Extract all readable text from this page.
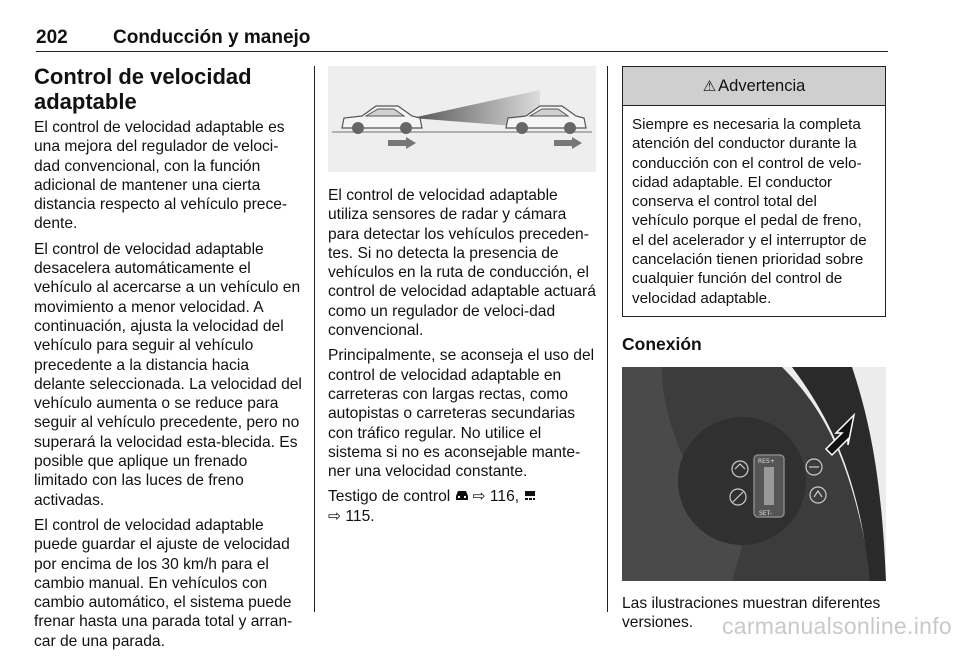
202 Conducción y manejo
Control de velocidad adaptable

El control de velocidad adaptable es una mejora del regulador de veloci-dad convencional, con la función adicional de mantener una cierta distancia respecto al vehículo prece-dente.

El control de velocidad adaptable desacelera automáticamente el vehículo al acercarse a un vehículo en movimiento a menor velocidad. A continuación, ajusta la velocidad del vehículo para seguir al vehículo precedente a la distancia hacia delante seleccionada. La velocidad del vehículo aumenta o se reduce para seguir al vehículo precedente, pero no superará la velocidad esta-blecida. Es posible que aplique un frenado limitado con las luces de freno activadas.

El control de velocidad adaptable puede guardar el ajuste de velocidad por encima de los 30 km/h para el cambio manual. En vehículos con cambio automático, el sistema puede frenar hasta una parada total y arran-car de una parada.

El control de velocidad adaptable utiliza sensores de radar y cámara para detectar los vehículos preceden-tes. Si no detecta la presencia de vehículos en la ruta de conducción, el control de velocidad adaptable actuará como un regulador de veloci-dad convencional.

Principalmente, se aconseja el uso del control de velocidad adaptable en carreteras con largas rectas, como autopistas o carreteras secundarias con tráfico regular. No utilice el sistema si no es aconsejable mante-ner una velocidad constante.

Testigo de control ⇨ 116,
⇨ 115.

⚠ Advertencia
Siempre es necesaria la completa atención del conductor durante la conducción con el control de velo-cidad adaptable. El conductor conserva el control total del vehículo porque el pedal de freno, el del acelerador y el interruptor de cancelación tienen prioridad sobre cualquier función del control de velocidad adaptable.
Conexión
RES+
SET-

Las ilustraciones muestran diferentes versiones.	carmanualsonline.info
